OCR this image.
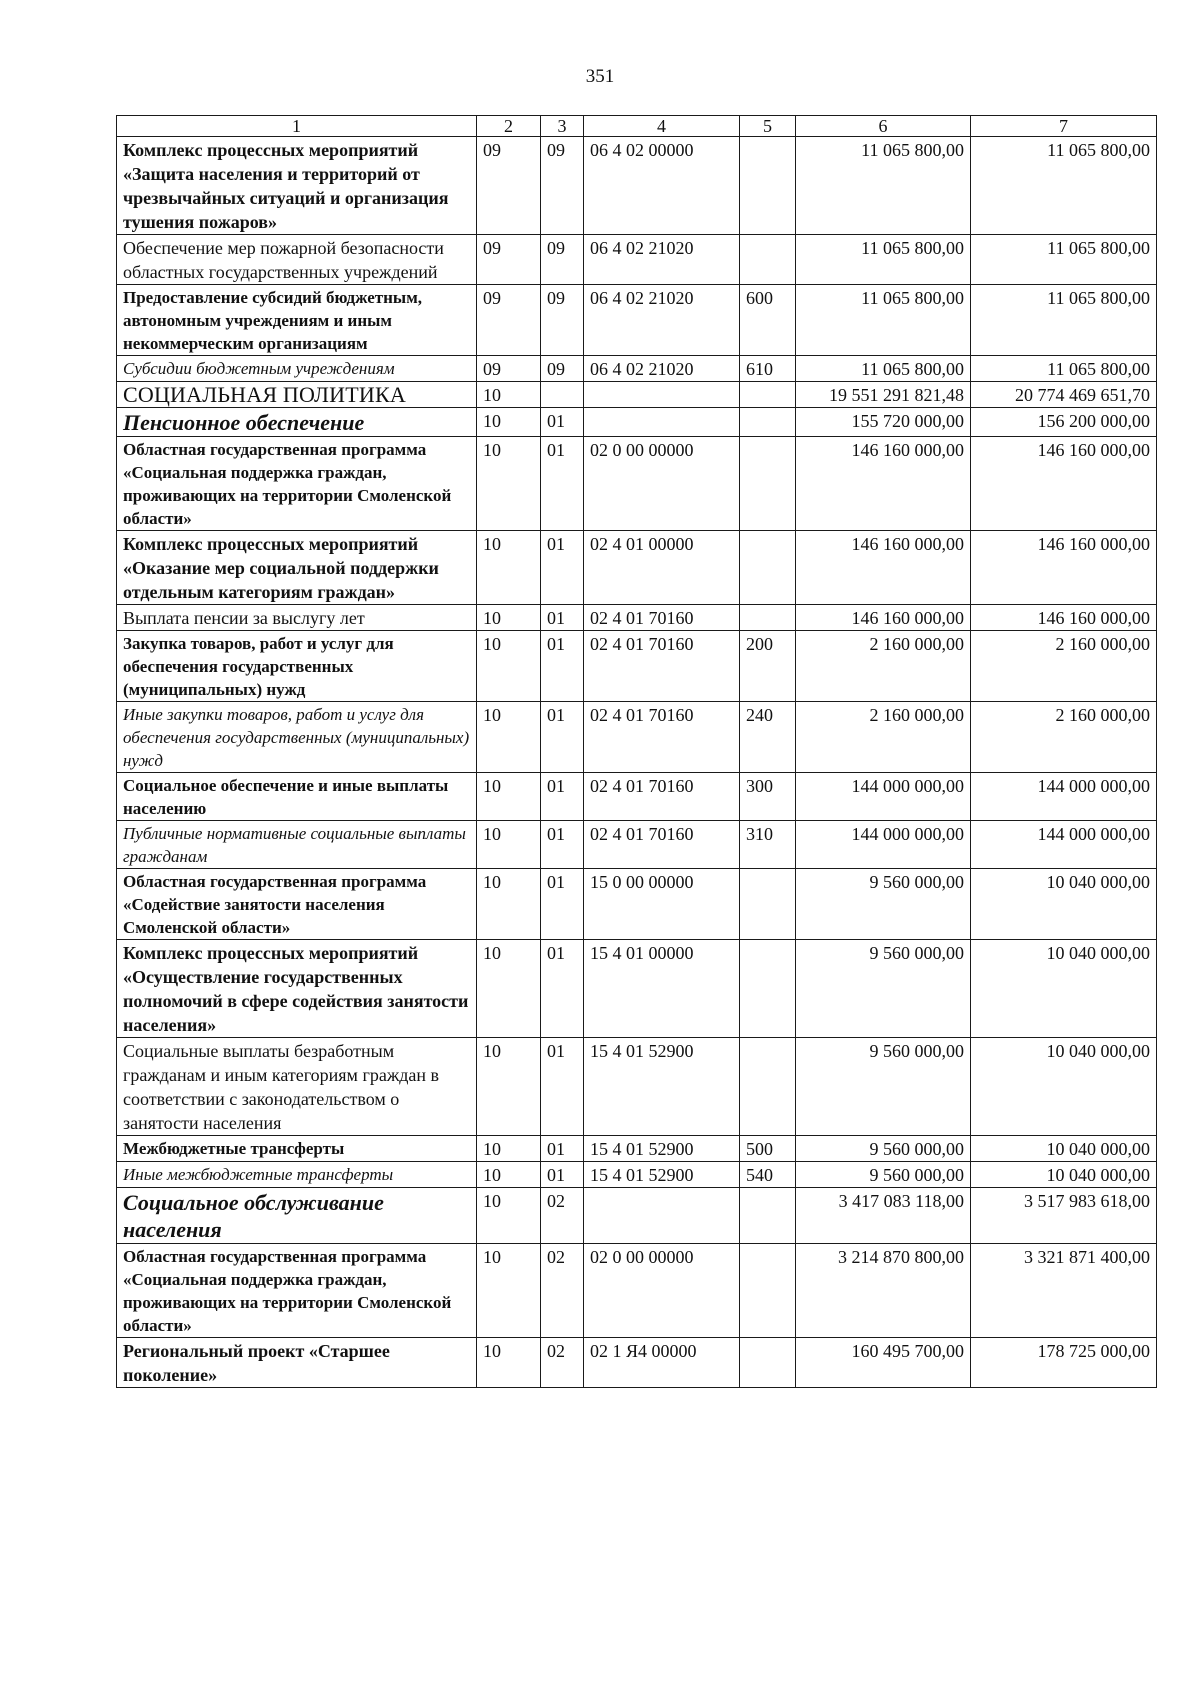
351
1	2	3	4	5	6	7
Комплекс процессных мероприятий «Защита населения и территорий от чрезвычайных ситуаций и организация тушения пожаров»	09	09	06 4 02 00000		11 065 800,00	11 065 800,00
Обеспечение мер пожарной безопасности областных государственных учреждений	09	09	06 4 02 21020		11 065 800,00	11 065 800,00
Предоставление субсидий бюджетным, автономным учреждениям и иным некоммерческим организациям	09	09	06 4 02 21020	600	11 065 800,00	11 065 800,00
Субсидии бюджетным учреждениям	09	09	06 4 02 21020	610	11 065 800,00	11 065 800,00
СОЦИАЛЬНАЯ ПОЛИТИКА	10				19 551 291 821,48	20 774 469 651,70
Пенсионное обеспечение	10	01			155 720 000,00	156 200 000,00
Областная государственная программа «Социальная поддержка граждан, проживающих на территории Смоленской области»	10	01	02 0 00 00000		146 160 000,00	146 160 000,00
Комплекс процессных мероприятий «Оказание мер социальной поддержки отдельным категориям граждан»	10	01	02 4 01 00000		146 160 000,00	146 160 000,00
Выплата пенсии за выслугу лет	10	01	02 4 01 70160		146 160 000,00	146 160 000,00
Закупка товаров, работ и услуг для обеспечения государственных (муниципальных) нужд	10	01	02 4 01 70160	200	2 160 000,00	2 160 000,00
Иные закупки товаров, работ и услуг для обеспечения государственных (муниципальных) нужд	10	01	02 4 01 70160	240	2 160 000,00	2 160 000,00
Социальное обеспечение и иные выплаты населению	10	01	02 4 01 70160	300	144 000 000,00	144 000 000,00
Публичные нормативные социальные выплаты гражданам	10	01	02 4 01 70160	310	144 000 000,00	144 000 000,00
Областная государственная программа «Содействие занятости населения Смоленской области»	10	01	15 0 00 00000		9 560 000,00	10 040 000,00
Комплекс процессных мероприятий «Осуществление государственных полномочий в сфере содействия занятости населения»	10	01	15 4 01 00000		9 560 000,00	10 040 000,00
Социальные выплаты безработным гражданам и иным категориям граждан в соответствии с законодательством о занятости населения	10	01	15 4 01 52900		9 560 000,00	10 040 000,00
Межбюджетные трансферты	10	01	15 4 01 52900	500	9 560 000,00	10 040 000,00
Иные межбюджетные трансферты	10	01	15 4 01 52900	540	9 560 000,00	10 040 000,00
Социальное обслуживание населения	10	02			3 417 083 118,00	3 517 983 618,00
Областная государственная программа «Социальная поддержка граждан, проживающих на территории Смоленской области»	10	02	02 0 00 00000		3 214 870 800,00	3 321 871 400,00
Региональный проект «Старшее поколение»	10	02	02 1 Я4 00000		160 495 700,00	178 725 000,00
